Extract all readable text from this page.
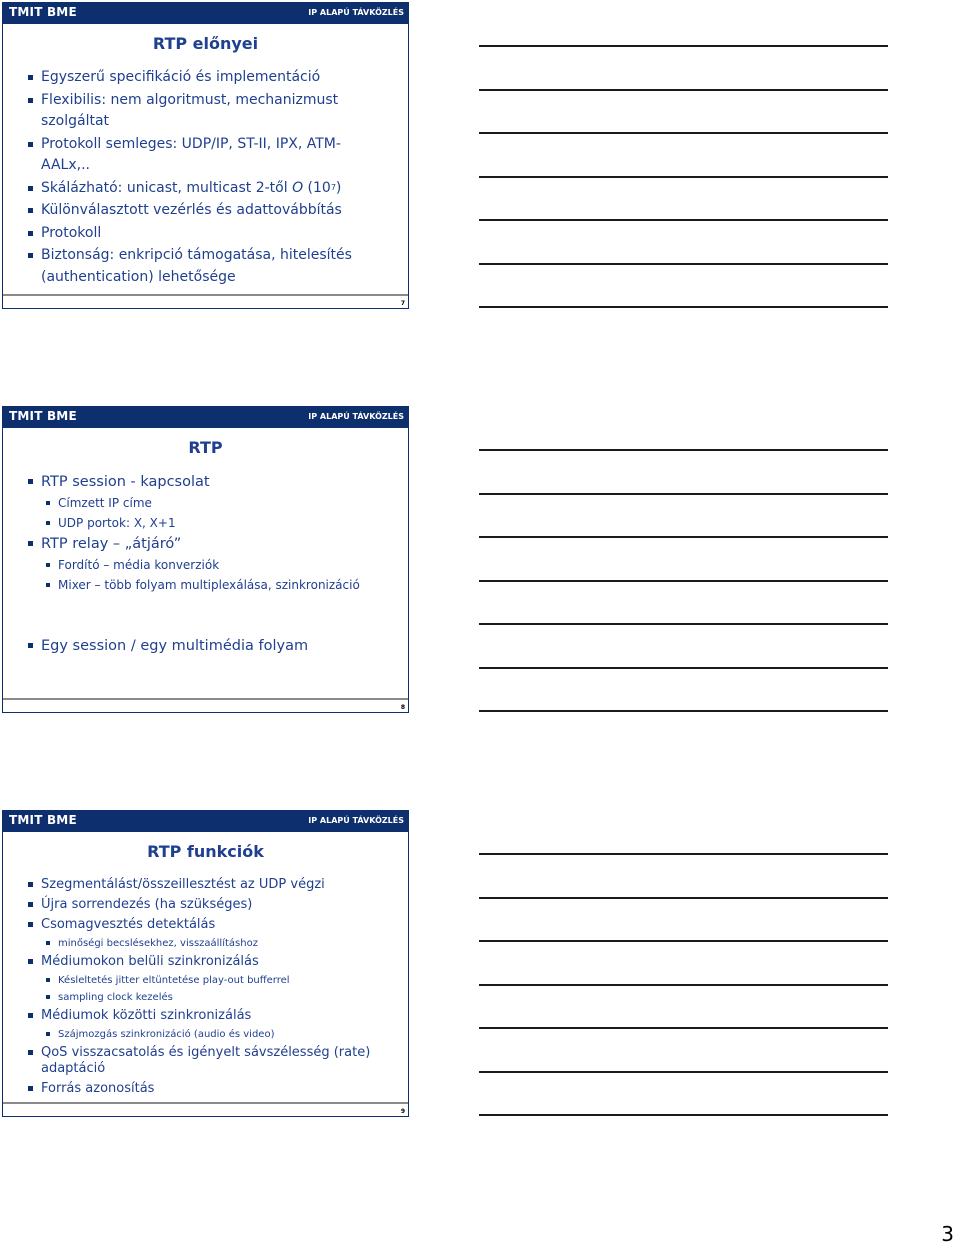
TMIT BME	IP ALAPÚ TÁVKÖZLÉS
RTP előnyei
Egyszerű specifikáció és implementáció
Flexibilis: nem algoritmust, mechanizmust szolgáltat
Protokoll semleges: UDP/IP, ST-II, IPX, ATM-AALx,..
Skálázható: unicast, multicast 2-től O $(10^7)$
Különválasztott vezérlés és adattovábbítás
Protokoll
Biztonság: enkripció támogatása, hitelesítés (authentication) lehetősége
7
TMIT BME	IP ALAPÚ TÁVKÖZLÉS
RTP
RTP session - kapcsolat
Címzett IP címe
UDP portok: X, X+1
RTP relay – „átjáró”
Fordító – média konverziók
Mixer – több folyam multiplexálása, szinkronizáció
Egy session / egy multimédia folyam
8
TMIT BME	IP ALAPÚ TÁVKÖZLÉS
RTP funkciók
Szegmentálást/összeillesztést az UDP végzi
Újra sorrendezés (ha szükséges)
Csomagvesztés detektálás
minőségi becslésekhez, visszaállításhoz
Médiumokon belüli szinkronizálás
Késleltetés jitter eltüntetése play-out bufferrel
sampling clock kezelés
Médiumok közötti szinkronizálás
Szájmozgás szinkronizáció (audio és video)
QoS visszacsatolás és igényelt sávszélesség (rate) adaptáció
Forrás azonosítás
9
3
